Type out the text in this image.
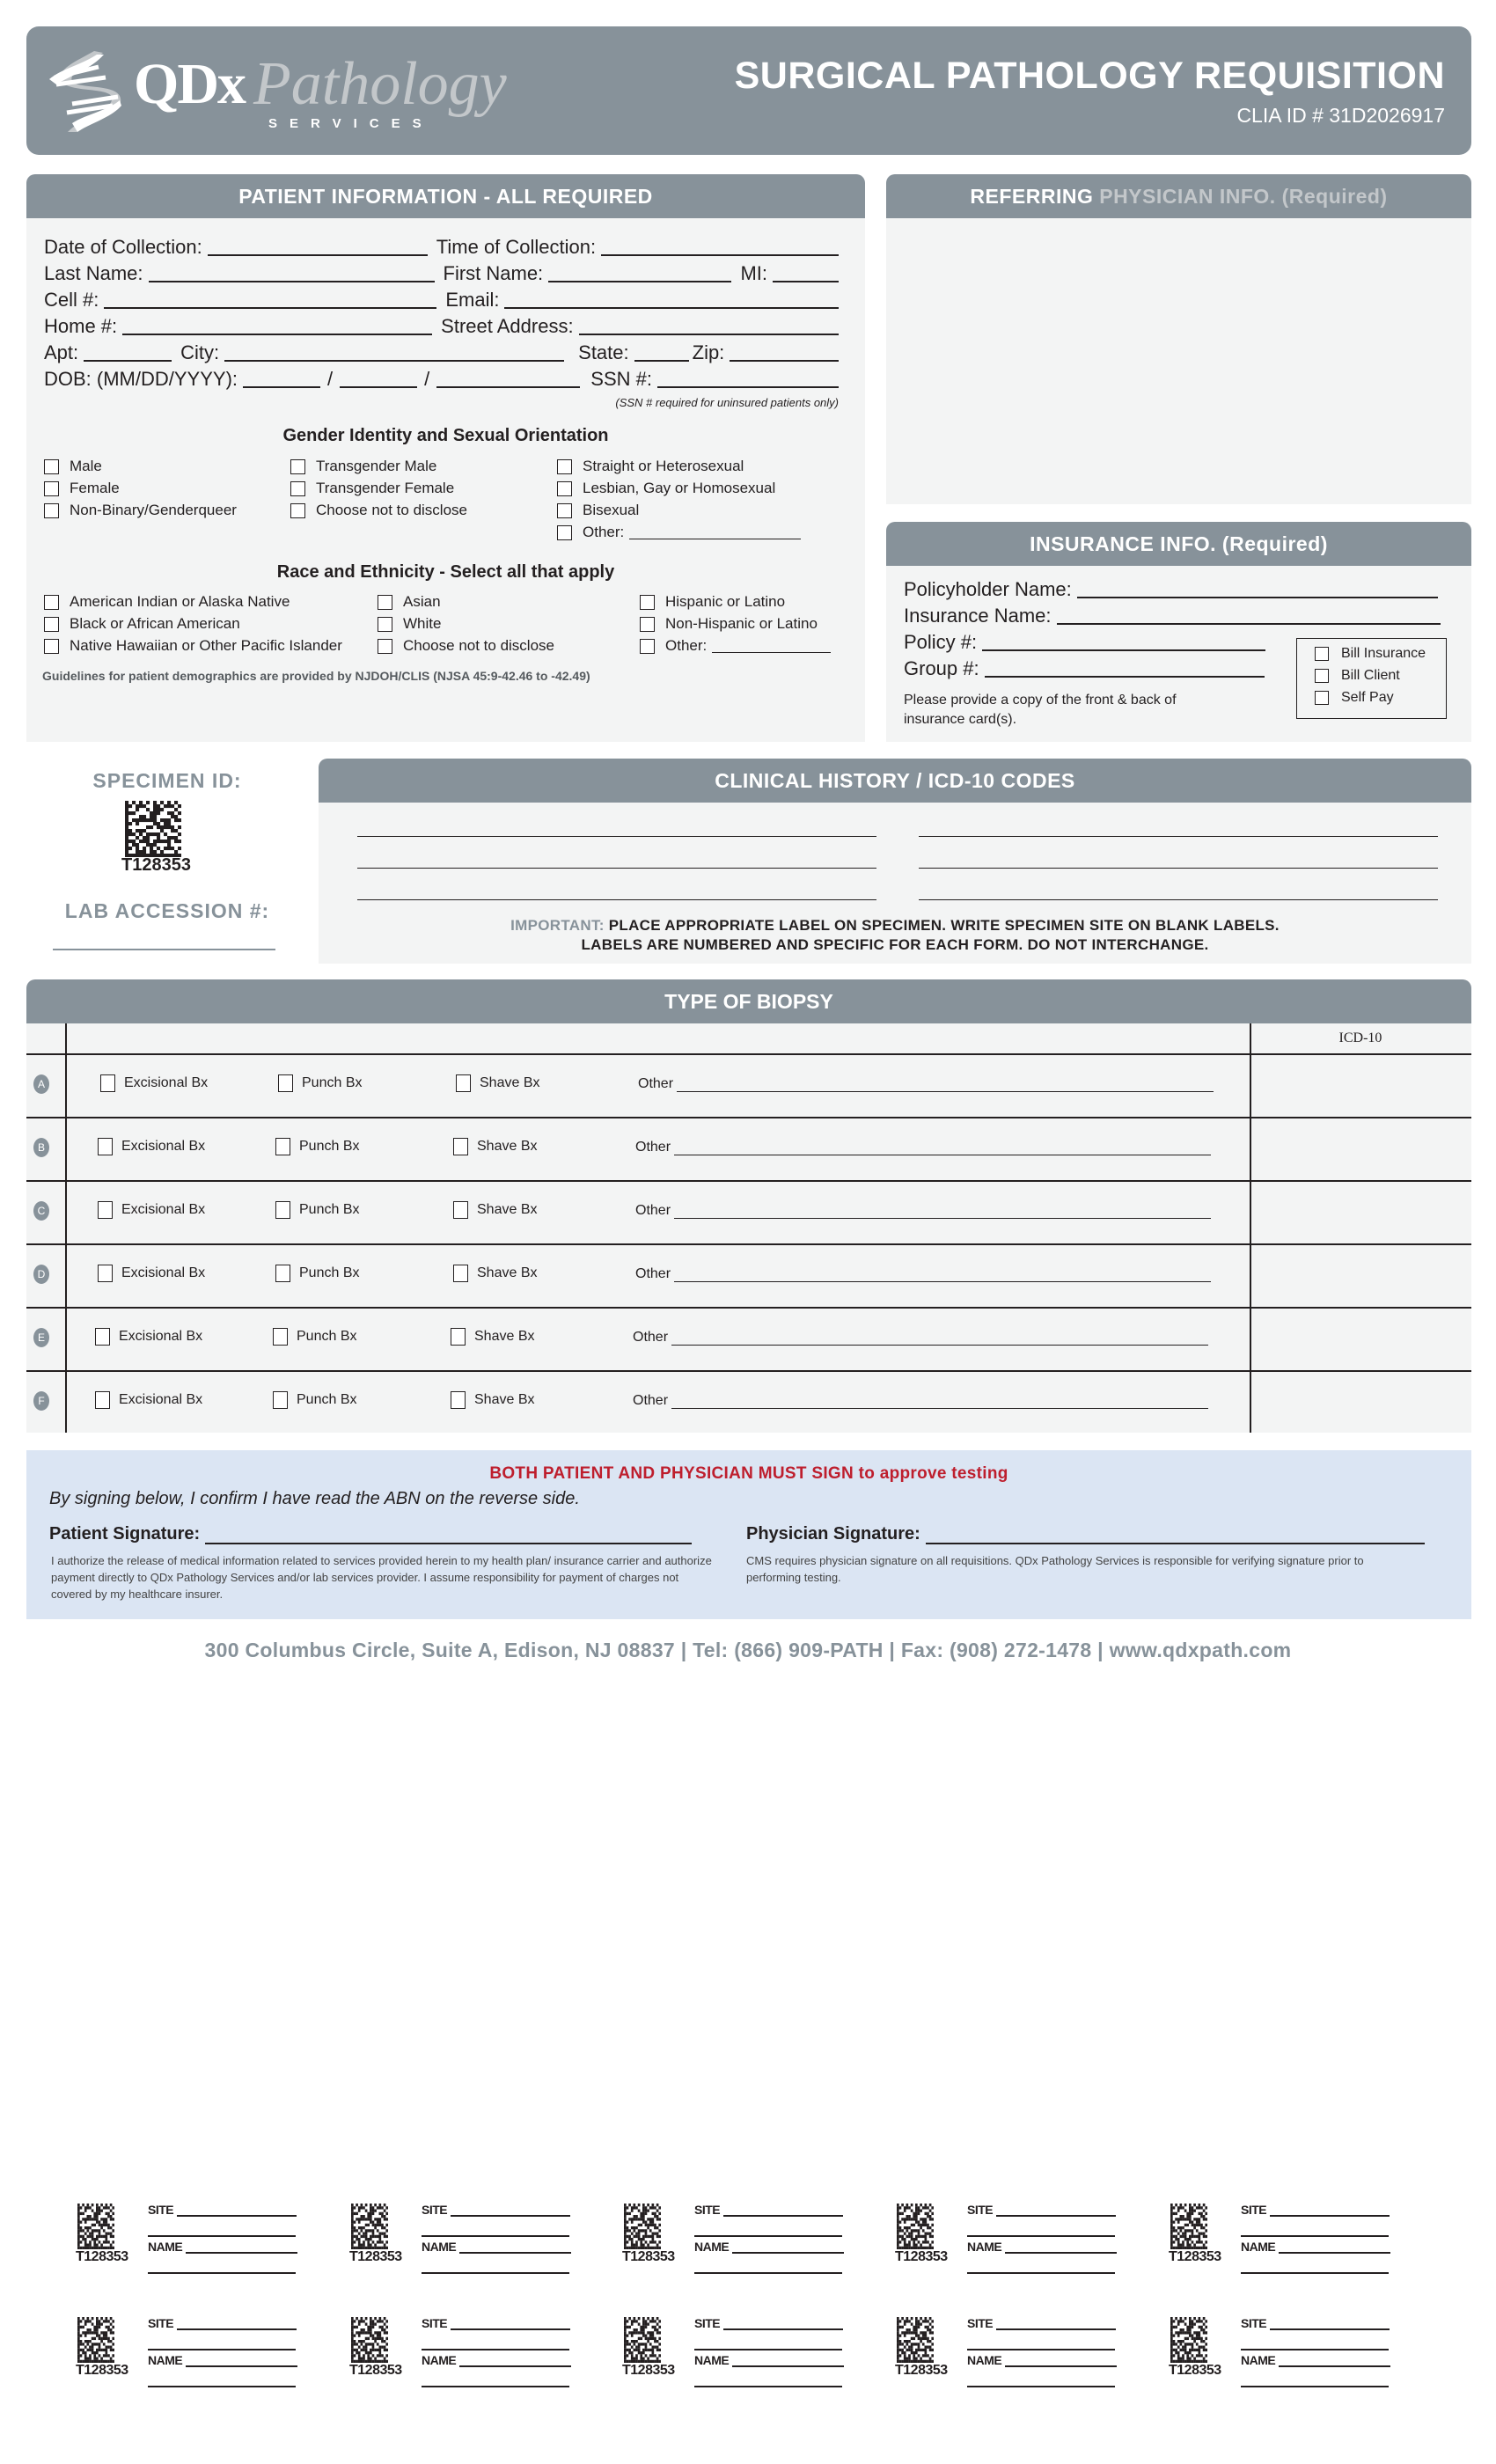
QDx Pathology
SERVICES
SURGICAL PATHOLOGY REQUISITION
CLIA ID # 31D2026917
PATIENT INFORMATION - ALL REQUIRED
Date of Collection:	Time of Collection:
Last Name:	First Name:	MI:
Cell #:	Email:
Home #:	Street Address:
Apt:	City:	State:	Zip:
DOB: (MM/DD/YYYY):	/	/	SSN #:
(SSN # required for uninsured patients only)
Gender Identity and Sexual Orientation
Male
Female
Non-Binary/Genderqueer
Transgender Male
Transgender Female
Choose not to disclose
Straight or Heterosexual
Lesbian, Gay or Homosexual
Bisexual
Other:
Race and Ethnicity - Select all that apply
American Indian or Alaska Native
Black or African American
Native Hawaiian or Other Pacific Islander
Asian
White
Choose not to disclose
Hispanic or Latino
Non-Hispanic or Latino
Other:
Guidelines for patient demographics are provided by NJDOH/CLIS (NJSA 45:9-42.46 to -42.49)
REFERRING PHYSICIAN INFO. (Required)
INSURANCE INFO. (Required)
Policyholder Name:
Insurance Name:
Policy #:
Group #:
Please provide a copy of the front & back of insurance card(s).
Bill Insurance
Bill Client
Self Pay
SPECIMEN ID:
T128353
LAB ACCESSION #:
CLINICAL HISTORY / ICD-10 CODES
IMPORTANT: PLACE APPROPRIATE LABEL ON SPECIMEN. WRITE SPECIMEN SITE ON BLANK LABELS.
LABELS ARE NUMBERED AND SPECIFIC FOR EACH FORM. DO NOT INTERCHANGE.
TYPE OF BIOPSY
ICD-10
A	Excisional Bx	Punch Bx	Shave Bx	Other
B	Excisional Bx	Punch Bx	Shave Bx	Other
C	Excisional Bx	Punch Bx	Shave Bx	Other
D	Excisional Bx	Punch Bx	Shave Bx	Other
E	Excisional Bx	Punch Bx	Shave Bx	Other
F	Excisional Bx	Punch Bx	Shave Bx	Other
BOTH PATIENT AND PHYSICIAN MUST SIGN to approve testing
By signing below, I confirm I have read the ABN on the reverse side.
Patient Signature:
I authorize the release of medical information related to services provided herein to my health plan/ insurance carrier and authorize payment directly to QDx Pathology Services and/or lab services provider. I assume responsibility for payment of charges not covered by my healthcare insurer.
Physician Signature:
CMS requires physician signature on all requisitions. QDx Pathology Services is responsible for verifying signature prior to performing testing.
300 Columbus Circle, Suite A, Edison, NJ 08837 | Tel: (866) 909-PATH | Fax: (908) 272-1478 | www.qdxpath.com
T128353
SITE
NAME
T128353
SITE
NAME
T128353
SITE
NAME
T128353
SITE
NAME
T128353
SITE
NAME
T128353
SITE
NAME
T128353
SITE
NAME
T128353
SITE
NAME
T128353
SITE
NAME
T128353
SITE
NAME
